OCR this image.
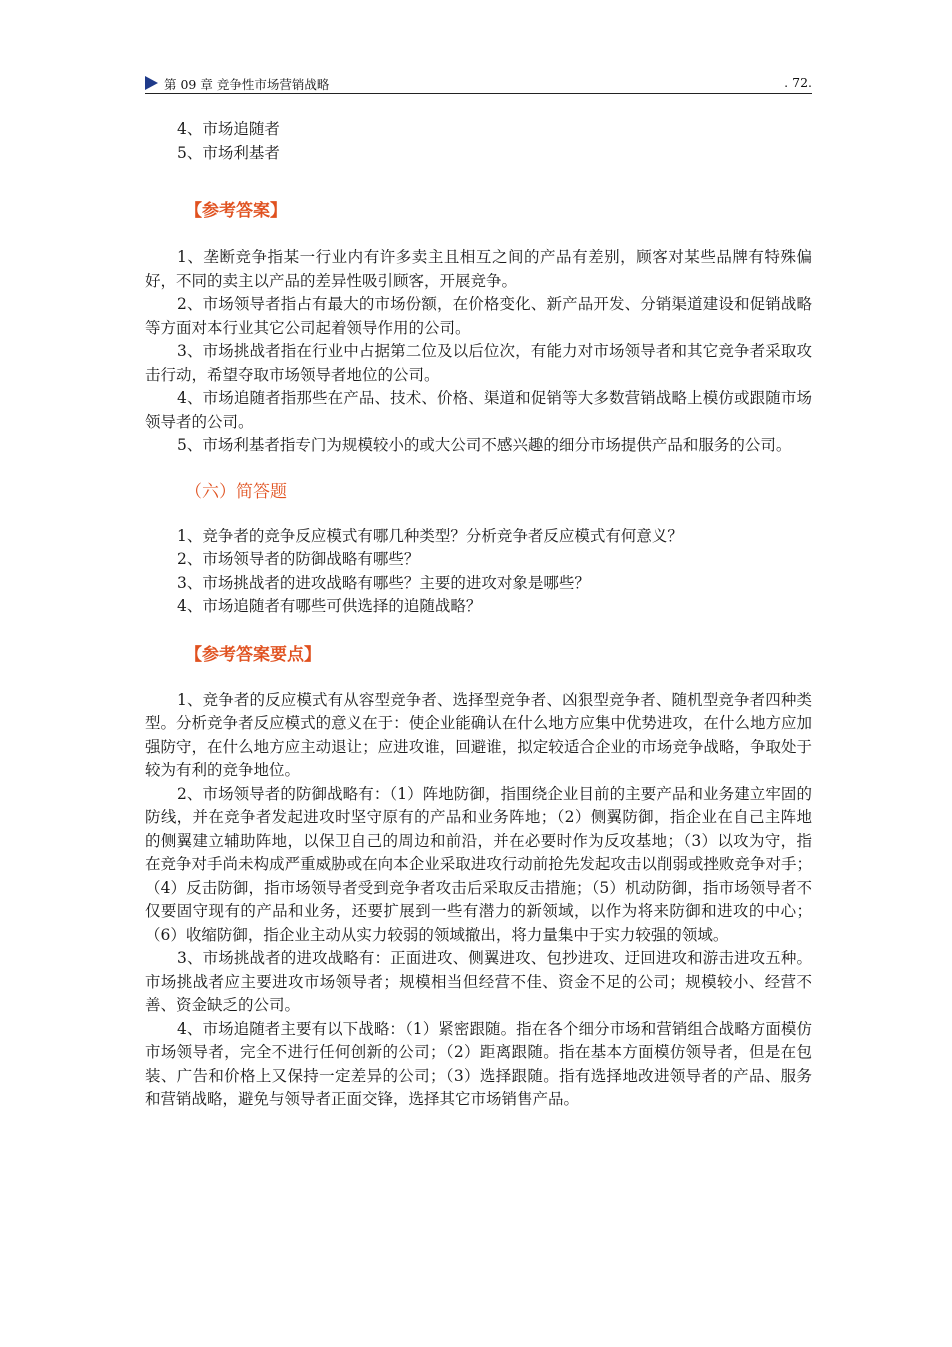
第 09 章 竞争性市场营销战略	. 72.

4、市场追随者

5、市场利基者

【参考答案】

1、垄断竞争指某一行业内有许多卖主且相互之间的产品有差别，顾客对某些品牌有特殊偏好，不同的卖主以产品的差异性吸引顾客，开展竞争。

2、市场领导者指占有最大的市场份额，在价格变化、新产品开发、分销渠道建设和促销战略等方面对本行业其它公司起着领导作用的公司。

3、市场挑战者指在行业中占据第二位及以后位次，有能力对市场领导者和其它竞争者采取攻击行动，希望夺取市场领导者地位的公司。

4、市场追随者指那些在产品、技术、价格、渠道和促销等大多数营销战略上模仿或跟随市场领导者的公司。

5、市场利基者指专门为规模较小的或大公司不感兴趣的细分市场提供产品和服务的公司。

（六）简答题

1、竞争者的竞争反应模式有哪几种类型？分析竞争者反应模式有何意义？

2、市场领导者的防御战略有哪些？

3、市场挑战者的进攻战略有哪些？主要的进攻对象是哪些？

4、市场追随者有哪些可供选择的追随战略？

【参考答案要点】

1、竞争者的反应模式有从容型竞争者、选择型竞争者、凶狠型竞争者、随机型竞争者四种类型。分析竞争者反应模式的意义在于：使企业能确认在什么地方应集中优势进攻，在什么地方应加强防守，在什么地方应主动退让；应进攻谁，回避谁，拟定较适合企业的市场竞争战略，争取处于较为有利的竞争地位。

2、市场领导者的防御战略有：（1）阵地防御，指围绕企业目前的主要产品和业务建立牢固的防线，并在竞争者发起进攻时坚守原有的产品和业务阵地；（2）侧翼防御，指企业在自己主阵地的侧翼建立辅助阵地，以保卫自己的周边和前沿，并在必要时作为反攻基地；（3）以攻为守，指在竞争对手尚未构成严重威胁或在向本企业采取进攻行动前抢先发起攻击以削弱或挫败竞争对手；（4）反击防御，指市场领导者受到竞争者攻击后采取反击措施；（5）机动防御，指市场领导者不仅要固守现有的产品和业务，还要扩展到一些有潜力的新领域，以作为将来防御和进攻的中心；（6）收缩防御，指企业主动从实力较弱的领域撤出，将力量集中于实力较强的领域。

3、市场挑战者的进攻战略有：正面进攻、侧翼进攻、包抄进攻、迂回进攻和游击进攻五种。市场挑战者应主要进攻市场领导者；规模相当但经营不佳、资金不足的公司；规模较小、经营不善、资金缺乏的公司。

4、市场追随者主要有以下战略：（1）紧密跟随。指在各个细分市场和营销组合战略方面模仿市场领导者，完全不进行任何创新的公司；（2）距离跟随。指在基本方面模仿领导者，但是在包装、广告和价格上又保持一定差异的公司；（3）选择跟随。指有选择地改进领导者的产品、服务和营销战略，避免与领导者正面交锋，选择其它市场销售产品。
